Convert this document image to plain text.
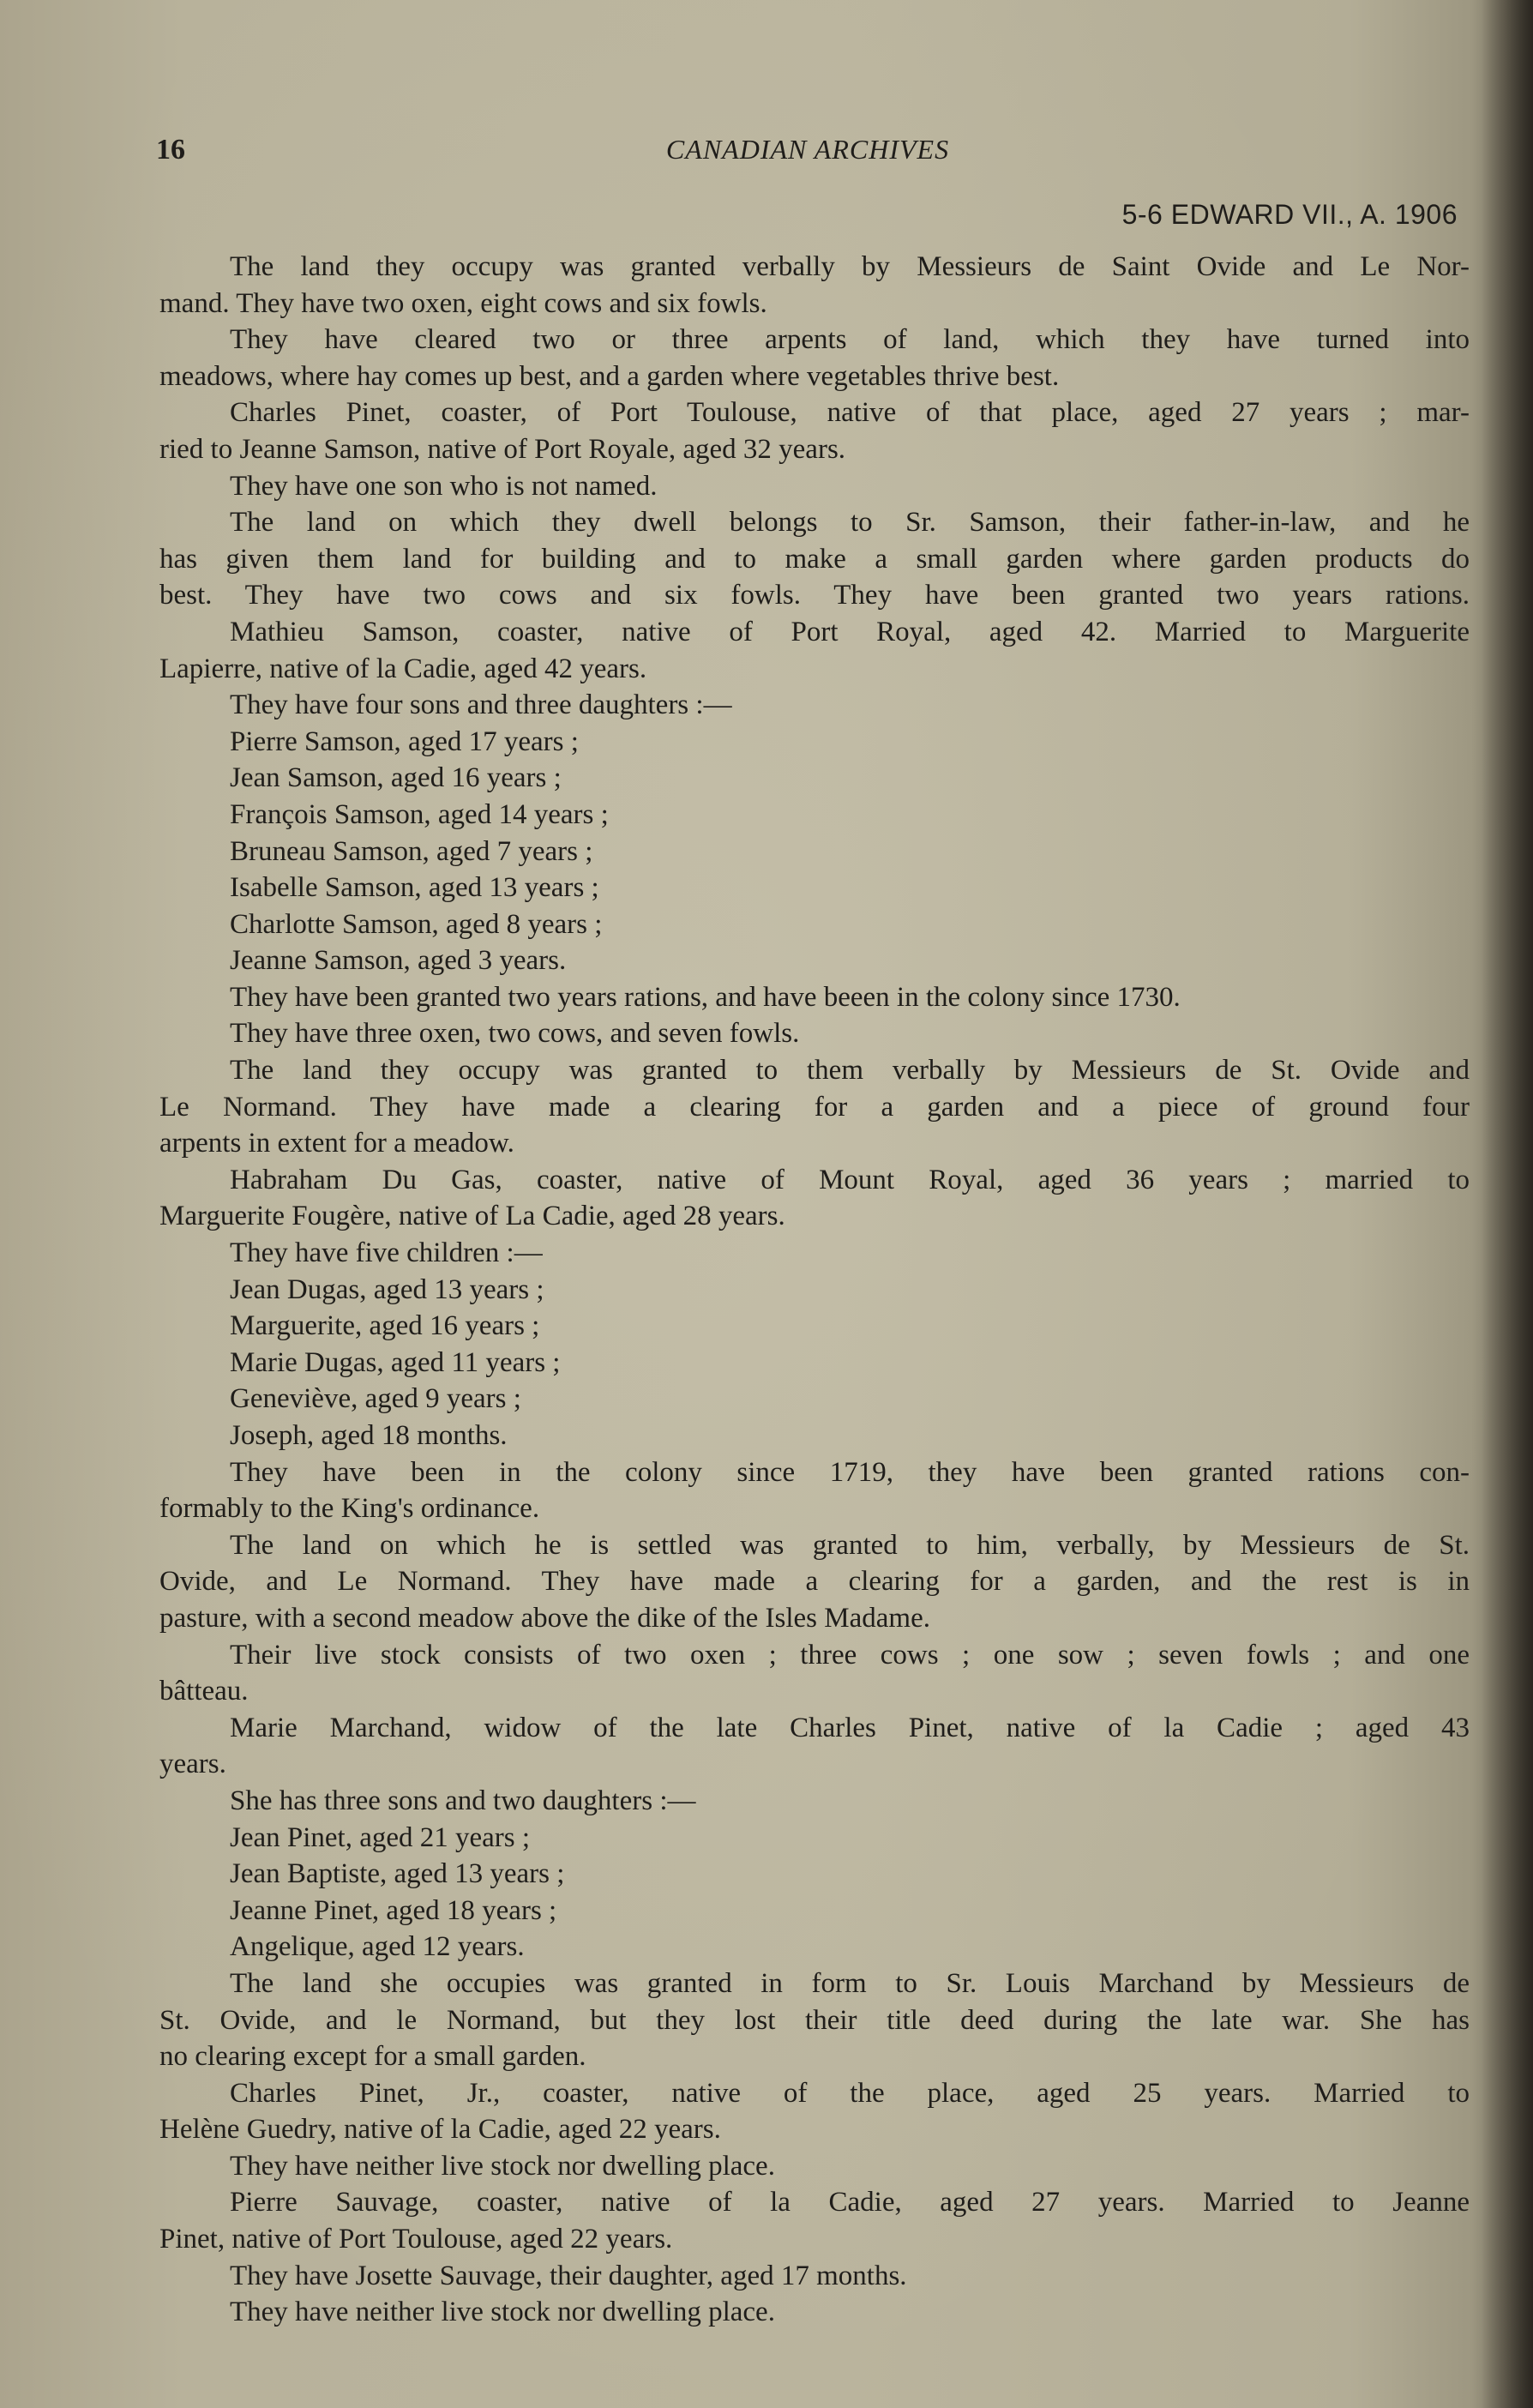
CANADIAN ARCHIVES
16
5-6 EDWARD VII., A. 1906
The land they occupy was granted verbally by Messieurs de Saint Ovide and Le Nor-
mand. They have two oxen, eight cows and six fowls.
They have cleared two or three arpents of land, which they have turned into
meadows, where hay comes up best, and a garden where vegetables thrive best.
Charles Pinet, coaster, of Port Toulouse, native of that place, aged 27 years ; mar-
ried to Jeanne Samson, native of Port Royale, aged 32 years.
They have one son who is not named.
The land on which they dwell belongs to Sr. Samson, their father-in-law, and he
has given them land for building and to make a small garden where garden products do
best. They have two cows and six fowls. They have been granted two years rations.
Mathieu Samson, coaster, native of Port Royal, aged 42. Married to Marguerite
Lapierre, native of la Cadie, aged 42 years.
They have four sons and three daughters :—
Pierre Samson, aged 17 years ;
Jean Samson, aged 16 years ;
François Samson, aged 14 years ;
Bruneau Samson, aged 7 years ;
Isabelle Samson, aged 13 years ;
Charlotte Samson, aged 8 years ;
Jeanne Samson, aged 3 years.
They have been granted two years rations, and have beeen in the colony since 1730.
They have three oxen, two cows, and seven fowls.
The land they occupy was granted to them verbally by Messieurs de St. Ovide and
Le Normand. They have made a clearing for a garden and a piece of ground four
arpents in extent for a meadow.
Habraham Du Gas, coaster, native of Mount Royal, aged 36 years ; married to
Marguerite Fougère, native of La Cadie, aged 28 years.
They have five children :—
Jean Dugas, aged 13 years ;
Marguerite, aged 16 years ;
Marie Dugas, aged 11 years ;
Geneviève, aged 9 years ;
Joseph, aged 18 months.
They have been in the colony since 1719, they have been granted rations con-
formably to the King's ordinance.
The land on which he is settled was granted to him, verbally, by Messieurs de St.
Ovide, and Le Normand. They have made a clearing for a garden, and the rest is in
pasture, with a second meadow above the dike of the Isles Madame.
Their live stock consists of two oxen ; three cows ; one sow ; seven fowls ; and one
bâtteau.
Marie Marchand, widow of the late Charles Pinet, native of la Cadie ; aged 43
years.
She has three sons and two daughters :—
Jean Pinet, aged 21 years ;
Jean Baptiste, aged 13 years ;
Jeanne Pinet, aged 18 years ;
Angelique, aged 12 years.
The land she occupies was granted in form to Sr. Louis Marchand by Messieurs de
St. Ovide, and le Normand, but they lost their title deed during the late war. She has
no clearing except for a small garden.
Charles Pinet, Jr., coaster, native of the place, aged 25 years. Married to
Helène Guedry, native of la Cadie, aged 22 years.
They have neither live stock nor dwelling place.
Pierre Sauvage, coaster, native of la Cadie, aged 27 years. Married to Jeanne
Pinet, native of Port Toulouse, aged 22 years.
They have Josette Sauvage, their daughter, aged 17 months.
They have neither live stock nor dwelling place.
